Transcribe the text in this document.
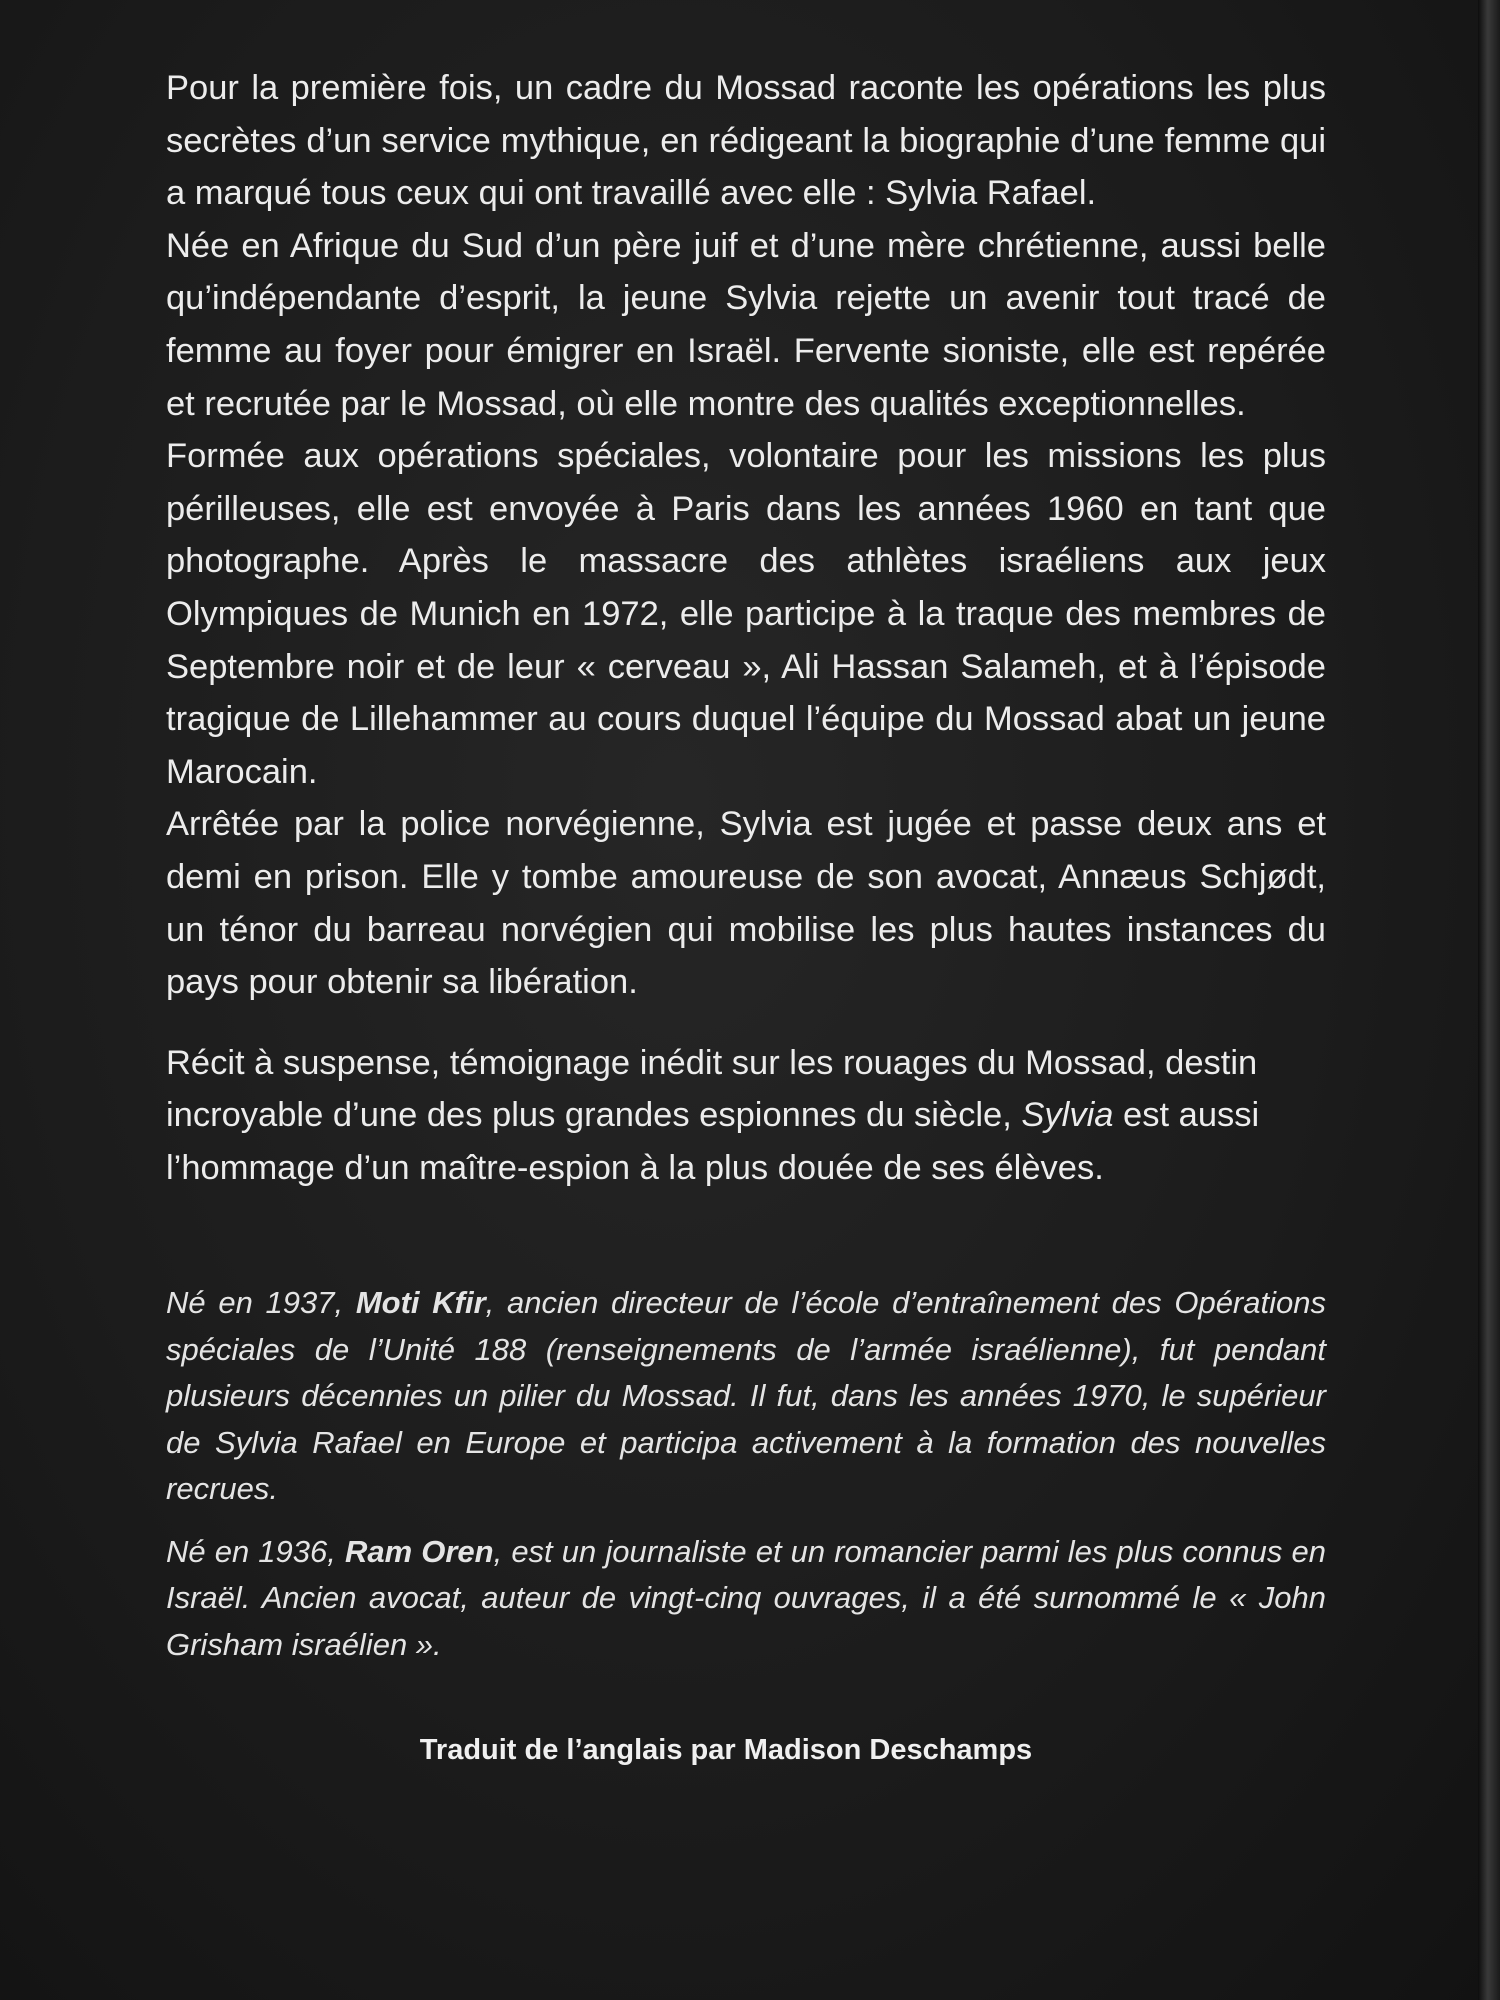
Pour la première fois, un cadre du Mossad raconte les opérations les plus secrètes d’un service mythique, en rédigeant la biographie d’une femme qui a marqué tous ceux qui ont travaillé avec elle : Sylvia Rafael.

Née en Afrique du Sud d’un père juif et d’une mère chrétienne, aussi belle qu’indépendante d’esprit, la jeune Sylvia rejette un avenir tout tracé de femme au foyer pour émigrer en Israël. Fervente sioniste, elle est repérée et recrutée par le Mossad, où elle montre des qualités exceptionnelles.

Formée aux opérations spéciales, volontaire pour les missions les plus périlleuses, elle est envoyée à Paris dans les années 1960 en tant que photographe. Après le massacre des athlètes israéliens aux jeux Olympiques de Munich en 1972, elle participe à la traque des membres de Septembre noir et de leur « cerveau », Ali Hassan Salameh, et à l’épisode tragique de Lillehammer au cours duquel l’équipe du Mossad abat un jeune Marocain.

Arrêtée par la police norvégienne, Sylvia est jugée et passe deux ans et demi en prison. Elle y tombe amoureuse de son avocat, Annæus Schjødt, un ténor du barreau norvégien qui mobilise les plus hautes instances du pays pour obtenir sa libération.

Récit à suspense, témoignage inédit sur les rouages du Mossad, destin incroyable d’une des plus grandes espionnes du siècle, Sylvia est aussi l’hommage d’un maître-espion à la plus douée de ses élèves.

Né en 1937, Moti Kfir, ancien directeur de l’école d’entraînement des Opérations spéciales de l’Unité 188 (renseignements de l’armée israélienne), fut pendant plusieurs décennies un pilier du Mossad. Il fut, dans les années 1970, le supérieur de Sylvia Rafael en Europe et participa activement à la formation des nouvelles recrues.

Né en 1936, Ram Oren, est un journaliste et un romancier parmi les plus connus en Israël. Ancien avocat, auteur de vingt-cinq ouvrages, il a été surnommé le « John Grisham israélien ».

Traduit de l’anglais par Madison Deschamps
